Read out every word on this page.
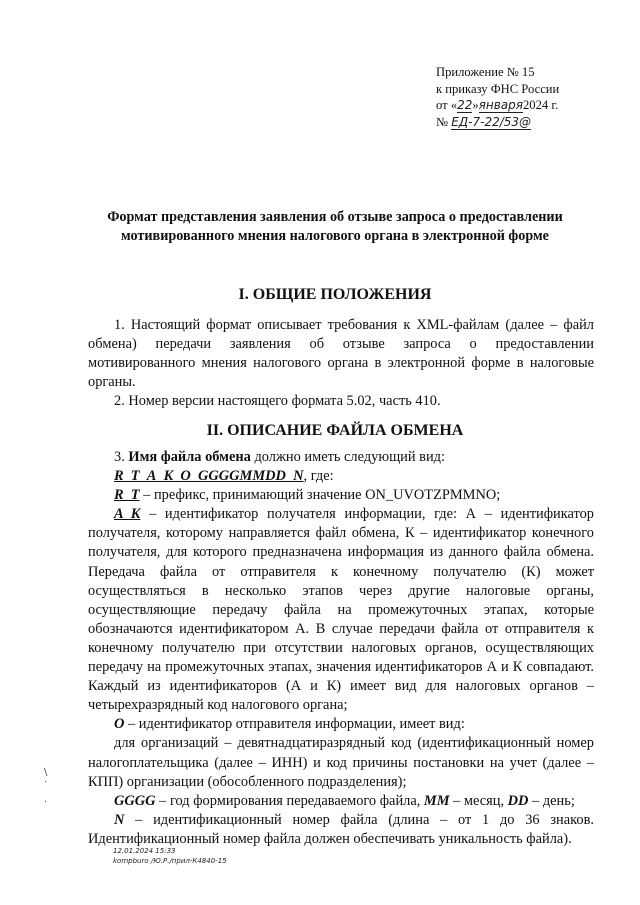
Приложение № 15
к приказу ФНС России
от «22»января2024 г.
№ ЕД-7-22/53@
Формат представления заявления об отзыве запроса о предоставлении
мотивированного мнения налогового органа в электронной форме
I. ОБЩИЕ ПОЛОЖЕНИЯ

1. Настоящий формат описывает требования к XML-файлам (далее – файл обмена) передачи заявления об отзыве запроса о предоставлении мотивированного мнения налогового органа в электронной форме в налоговые органы.

2. Номер версии настоящего формата 5.02, часть 410.

II. ОПИСАНИЕ ФАЙЛА ОБМЕНА

3. Имя файла обмена должно иметь следующий вид:

R_T_A_K_O_GGGGMMDD_N, где:

R_T – префикс, принимающий значение ON_UVOTZPMMNO;

A_K – идентификатор получателя информации, где: А – идентификатор получателя, которому направляется файл обмена, К – идентификатор конечного получателя, для которого предназначена информация из данного файла обмена. Передача файла от отправителя к конечному получателю (К) может осуществляться в несколько этапов через другие налоговые органы, осуществляющие передачу файла на промежуточных этапах, которые обозначаются идентификатором А. В случае передачи файла от отправителя к конечному получателю при отсутствии налоговых органов, осуществляющих передачу на промежуточных этапах, значения идентификаторов А и К совпадают. Каждый из идентификаторов (А и К) имеет вид для налоговых органов – четырехразрядный код налогового органа;

O – идентификатор отправителя информации, имеет вид:

для организаций – девятнадцатиразрядный код (идентификационный номер налогоплательщика (далее – ИНН) и код причины постановки на учет (далее – КПП) организации (обособленного подразделения);

GGGG – год формирования передаваемого файла, MM – месяц, DD – день;

N – идентификационный номер файла (длина – от 1 до 36 знаков. Идентификационный номер файла должен обеспечивать уникальность файла).

\
·

·
12.01.2024 15:33
kompburo /Ю.Р./прил-К4840-15
